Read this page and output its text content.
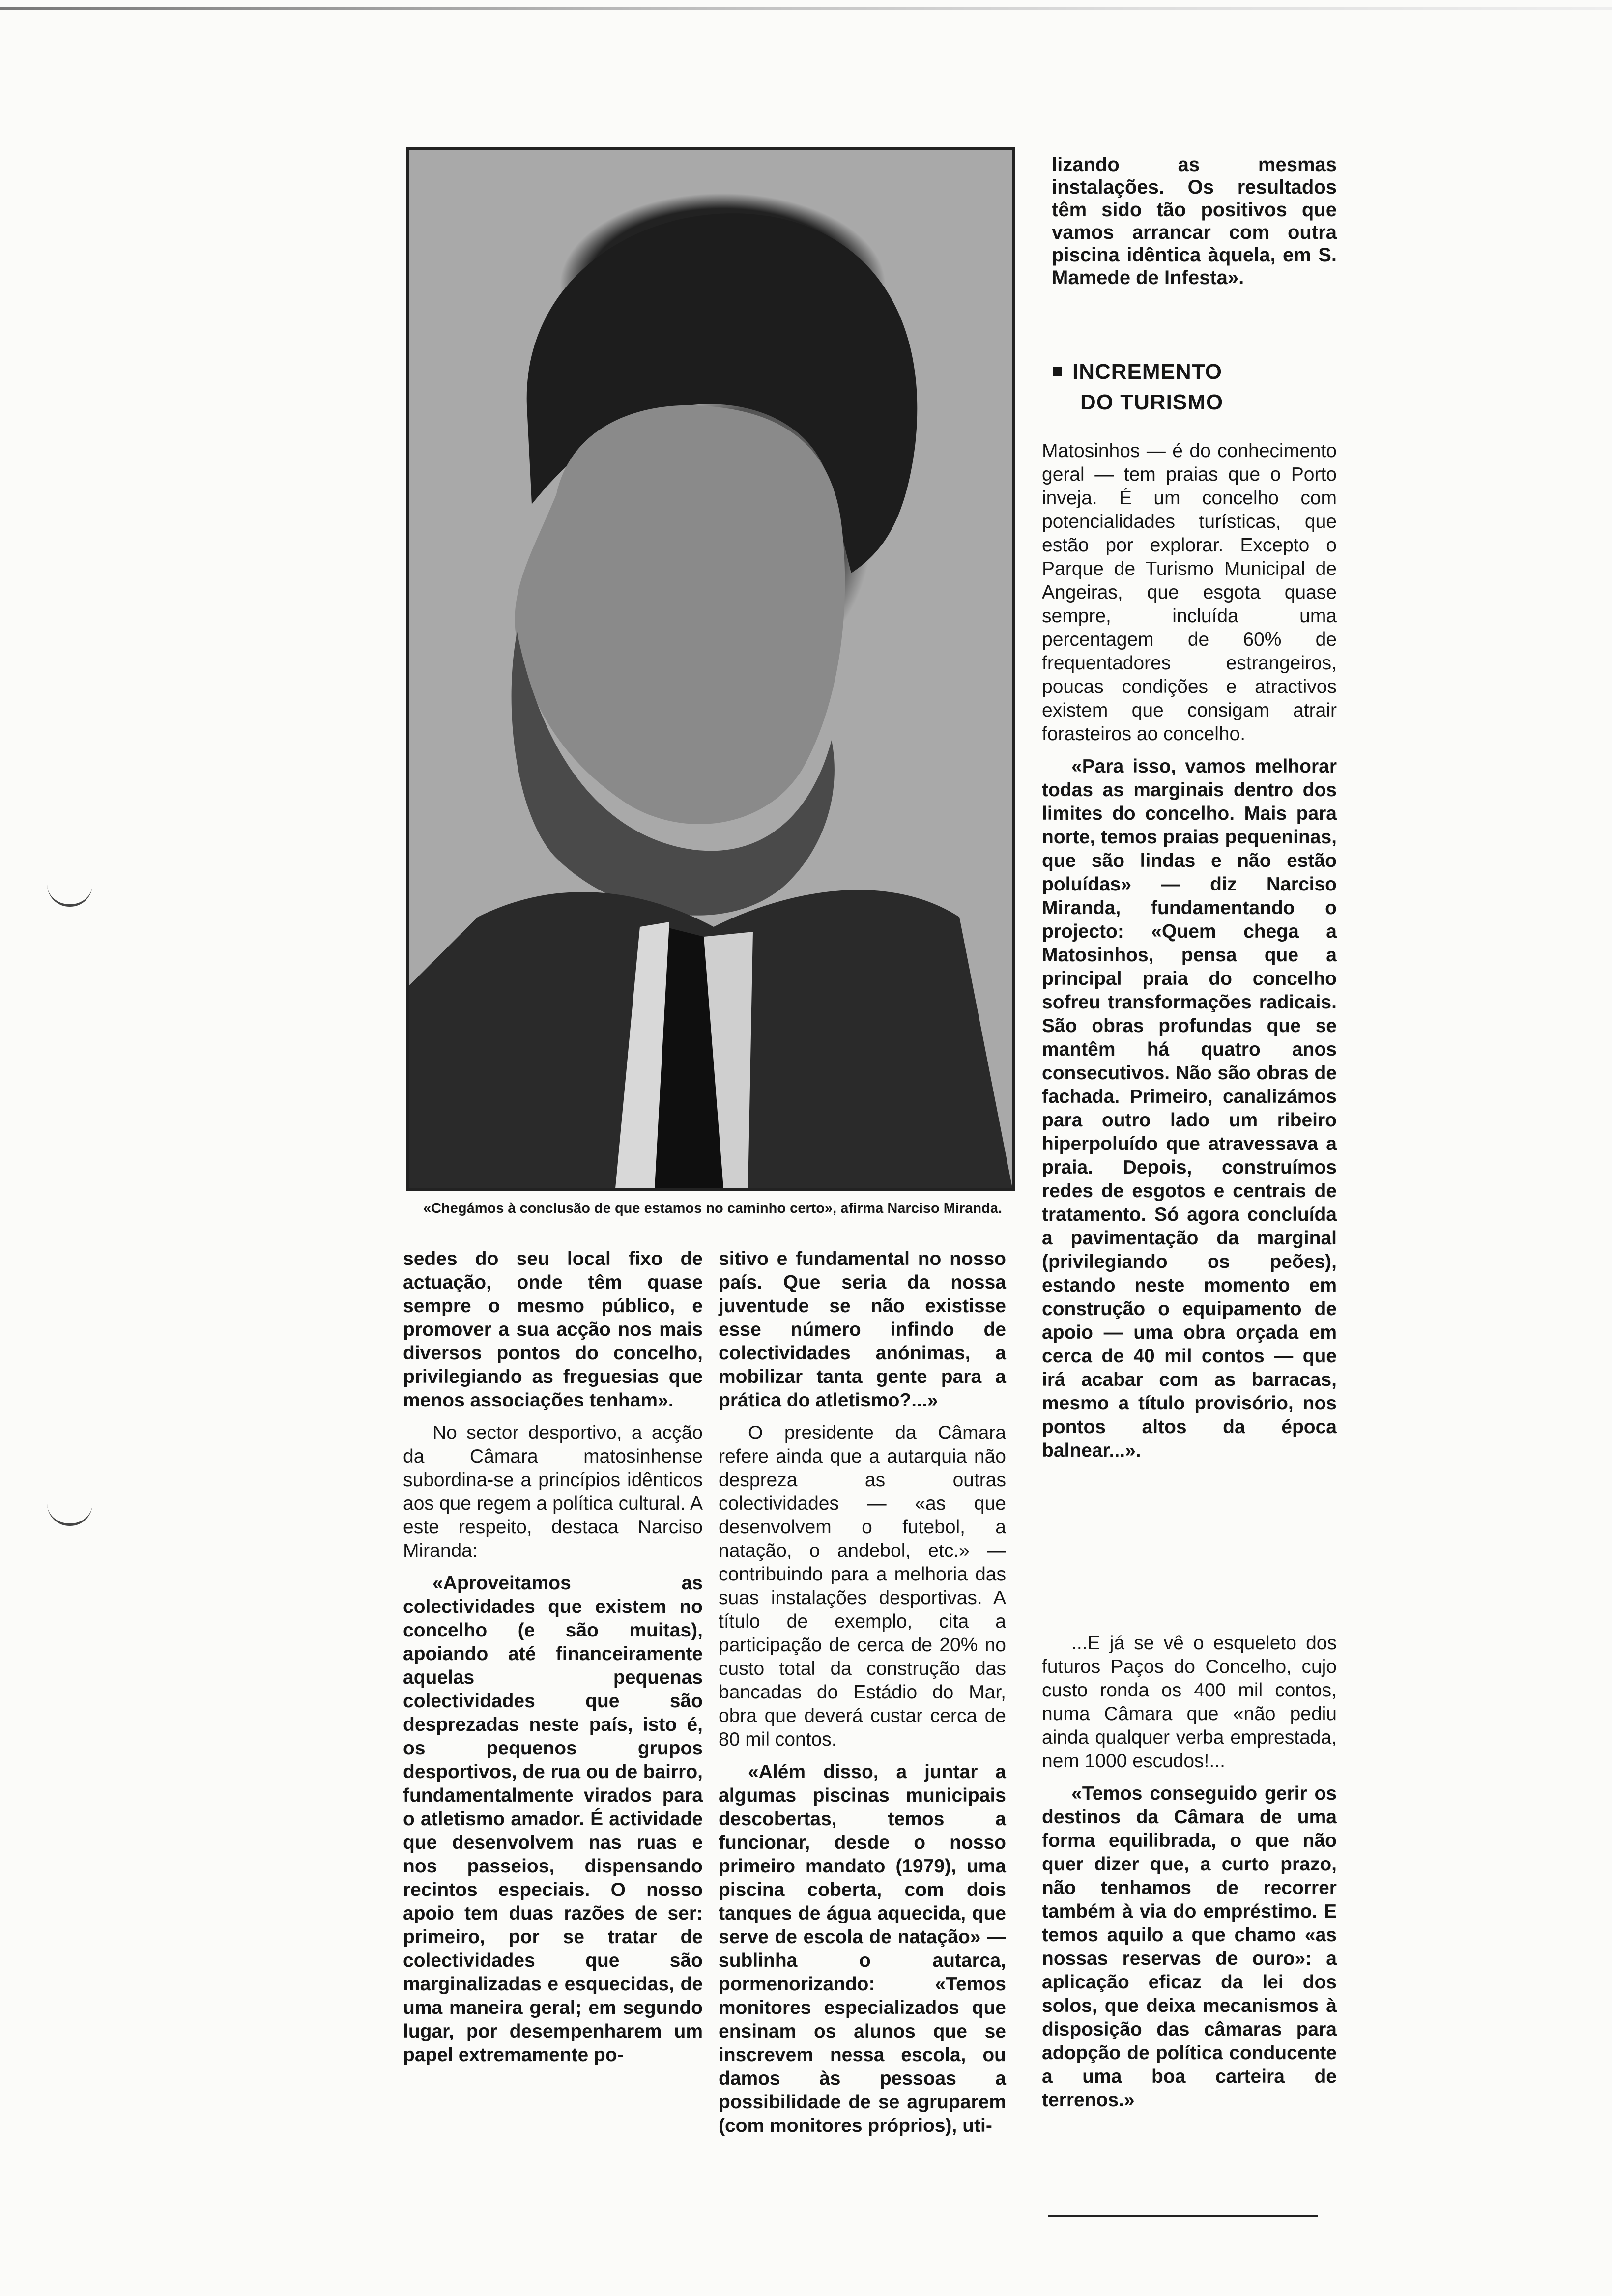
«Chegámos à conclusão de que estamos no caminho certo», afirma Narciso Miranda.

lizando as mesmas instalações. Os resultados têm sido tão positivos que vamos arrancar com outra piscina idêntica àquela, em S. Mamede de Infesta».

INCREMENTO
DO TURISMO

Matosinhos — é do conhecimento geral — tem praias que o Porto inveja. É um concelho com potencialidades turísticas, que estão por explorar. Excepto o Parque de Turismo Municipal de Angeiras, que esgota quase sempre, incluída uma percentagem de 60% de frequentadores estrangeiros, poucas condições e atractivos existem que consigam atrair forasteiros ao concelho.

«Para isso, vamos melhorar todas as marginais dentro dos limites do concelho. Mais para norte, temos praias pequeninas, que são lindas e não estão poluídas» — diz Narciso Miranda, fundamentando o projecto: «Quem chega a Matosinhos, pensa que a principal praia do concelho sofreu transformações radicais. São obras profundas que se mantêm há quatro anos consecutivos. Não são obras de fachada. Primeiro, canalizámos para outro lado um ribeiro hiperpoluído que atravessava a praia. Depois, construímos redes de esgotos e centrais de tratamento. Só agora concluída a pavimentação da marginal (privilegiando os peões), estando neste momento em construção o equipamento de apoio — uma obra orçada em cerca de 40 mil contos — que irá acabar com as barracas, mesmo a título provisório, nos pontos altos da época balnear...».

sedes do seu local fixo de actuação, onde têm quase sempre o mesmo público, e promover a sua acção nos mais diversos pontos do concelho, privilegiando as freguesias que menos associações tenham».

No sector desportivo, a acção da Câmara matosinhense subordina-se a princípios idênticos aos que regem a política cultural. A este respeito, destaca Narciso Miranda:

«Aproveitamos as colectividades que existem no concelho (e são muitas), apoiando até financeiramente aquelas pequenas colectividades que são desprezadas neste país, isto é, os pequenos grupos desportivos, de rua ou de bairro, fundamentalmente virados para o atletismo amador. É actividade que desenvolvem nas ruas e nos passeios, dispensando recintos especiais. O nosso apoio tem duas razões de ser: primeiro, por se tratar de colectividades que são marginalizadas e esquecidas, de uma maneira geral; em segundo lugar, por desempenharem um papel extremamente po-

sitivo e fundamental no nosso país. Que seria da nossa juventude se não existisse esse número infindo de colectividades anónimas, a mobilizar tanta gente para a prática do atletismo?...»

O presidente da Câmara refere ainda que a autarquia não despreza as outras colectividades — «as que desenvolvem o futebol, a natação, o andebol, etc.» — contribuindo para a melhoria das suas instalações desportivas. A título de exemplo, cita a participação de cerca de 20% no custo total da construção das bancadas do Estádio do Mar, obra que deverá custar cerca de 80 mil contos.

«Além disso, a juntar a algumas piscinas municipais descobertas, temos a funcionar, desde o nosso primeiro mandato (1979), uma piscina coberta, com dois tanques de água aquecida, que serve de escola de natação» — sublinha o autarca, pormenorizando: «Temos monitores especializados que ensinam os alunos que se inscrevem nessa escola, ou damos às pessoas a possibilidade de se agruparem (com monitores próprios), uti-

...E já se vê o esqueleto dos futuros Paços do Concelho, cujo custo ronda os 400 mil contos, numa Câmara que «não pediu ainda qualquer verba emprestada, nem 1000 escudos!...

«Temos conseguido gerir os destinos da Câmara de uma forma equilibrada, o que não quer dizer que, a curto prazo, não tenhamos de recorrer também à via do empréstimo. E temos aquilo a que chamo «as nossas reservas de ouro»: a aplicação eficaz da lei dos solos, que deixa mecanismos à disposição das câmaras para adopção de política conducente a uma boa carteira de terrenos.»
